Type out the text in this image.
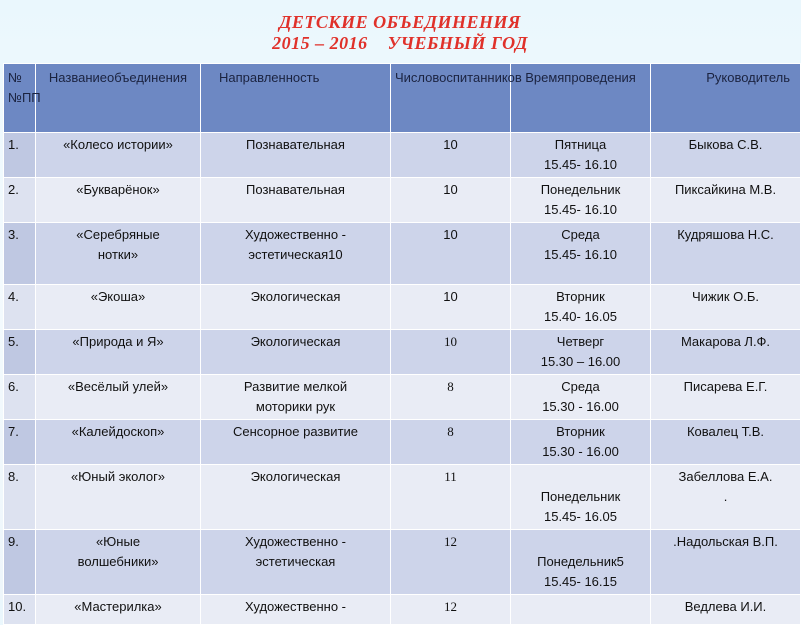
ДЕТСКИЕ ОБЪЕДИНЕНИЯ
2015 – 2016    УЧЕБНЫЙ ГОД
№№ПП	Названиеобъединения	Направленность	Числовоспитанников	Времяпроведения	Руководитель
1.	«Колесо истории»	Познавательная	10	Пятница
15.45- 16.10	Быкова С.В.

2.	«Букварёнок»	Познавательная	10	Понедельник
15.45- 16.10	Пиксайкина М.В.

3.	«Серебряные
нотки»	Художественно -
эстетическая10	10	Среда
15.45- 16.10	Кудряшова Н.С.

4.	«Экоша»	Экологическая	10	Вторник
15.40- 16.05	Чижик О.Б.

5.	«Природа и Я»	Экологическая	10	Четверг
15.30 – 16.00	Макарова Л.Ф.

6.	«Весёлый улей»	Развитие мелкой
моторики рук	8	Среда
15.30 - 16.00	Писарева Е.Г.

7.	«Калейдоскоп»	Сенсорное развитие	8	Вторник
15.30 - 16.00	Ковалец Т.В.

8.	«Юный эколог»	Экологическая	11	Понедельник
15.45- 16.05	Забеллова Е.А.
.

9.	«Юные
волшебники»	Художественно -
эстетическая	12	Понедельник5
15.45- 16.15	.Надольская В.П.

10.	«Мастерилка»	Художественно -	12		Ведлева И.И.
